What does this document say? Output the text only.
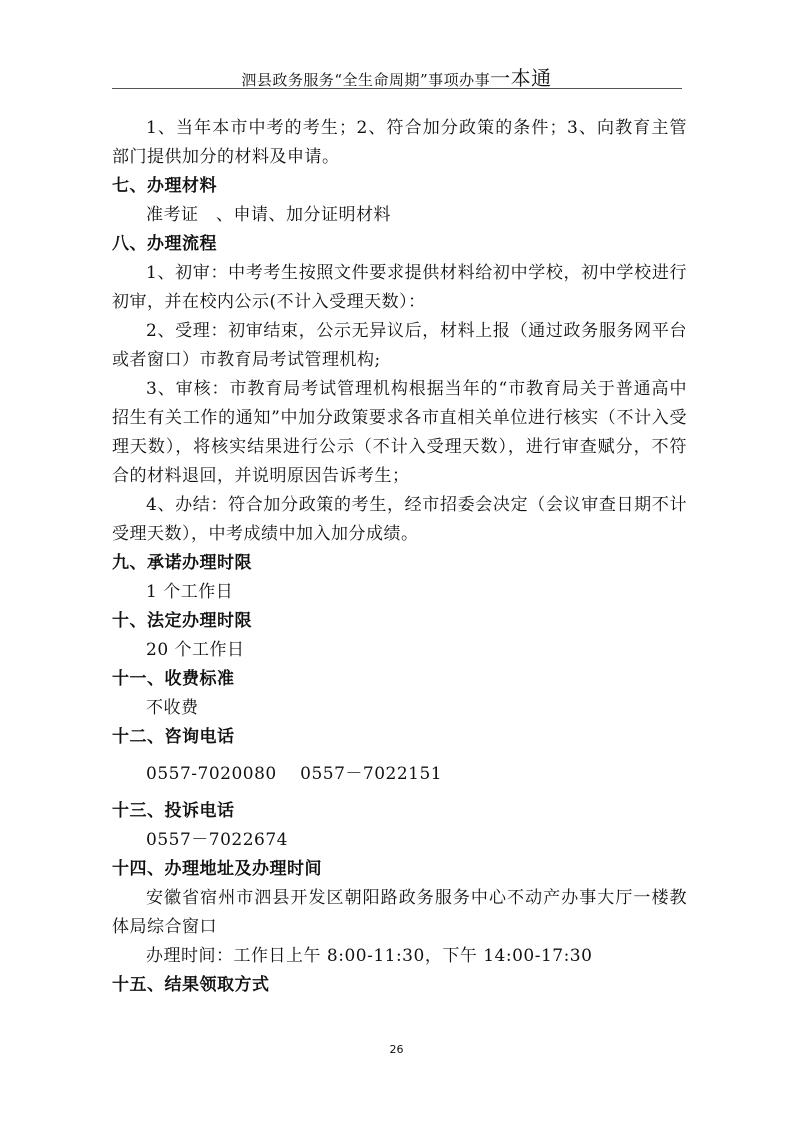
泗县政务服务“全生命周期”事项办事一本通

1、当年本市中考的考生；2、符合加分政策的条件；3、向教育主管部门提供加分的材料及申请。

七、办理材料

准考证　、申请、加分证明材料

八、办理流程

1、初审：中考考生按照文件要求提供材料给初中学校，初中学校进行初审，并在校内公示(不计入受理天数）：

2、受理：初审结束，公示无异议后，材料上报（通过政务服务网平台或者窗口）市教育局考试管理机构;

3、审核：市教育局考试管理机构根据当年的“市教育局关于普通高中招生有关工作的通知”中加分政策要求各市直相关单位进行核实（不计入受理天数），将核实结果进行公示（不计入受理天数），进行审查赋分，不符合的材料退回，并说明原因告诉考生；

4、办结：符合加分政策的考生，经市招委会决定（会议审查日期不计受理天数），中考成绩中加入加分成绩。

九、承诺办理时限

1 个工作日

十、法定办理时限

20 个工作日

十一、收费标准

不收费

十二、咨询电话

0557-7020080　 0557－7022151

十三、投诉电话

0557－7022674

十四、办理地址及办理时间

安徽省宿州市泗县开发区朝阳路政务服务中心不动产办事大厅一楼教体局综合窗口

办理时间：工作日上午 8:00-11:30，下午 14:00-17:30

十五、结果领取方式

26
